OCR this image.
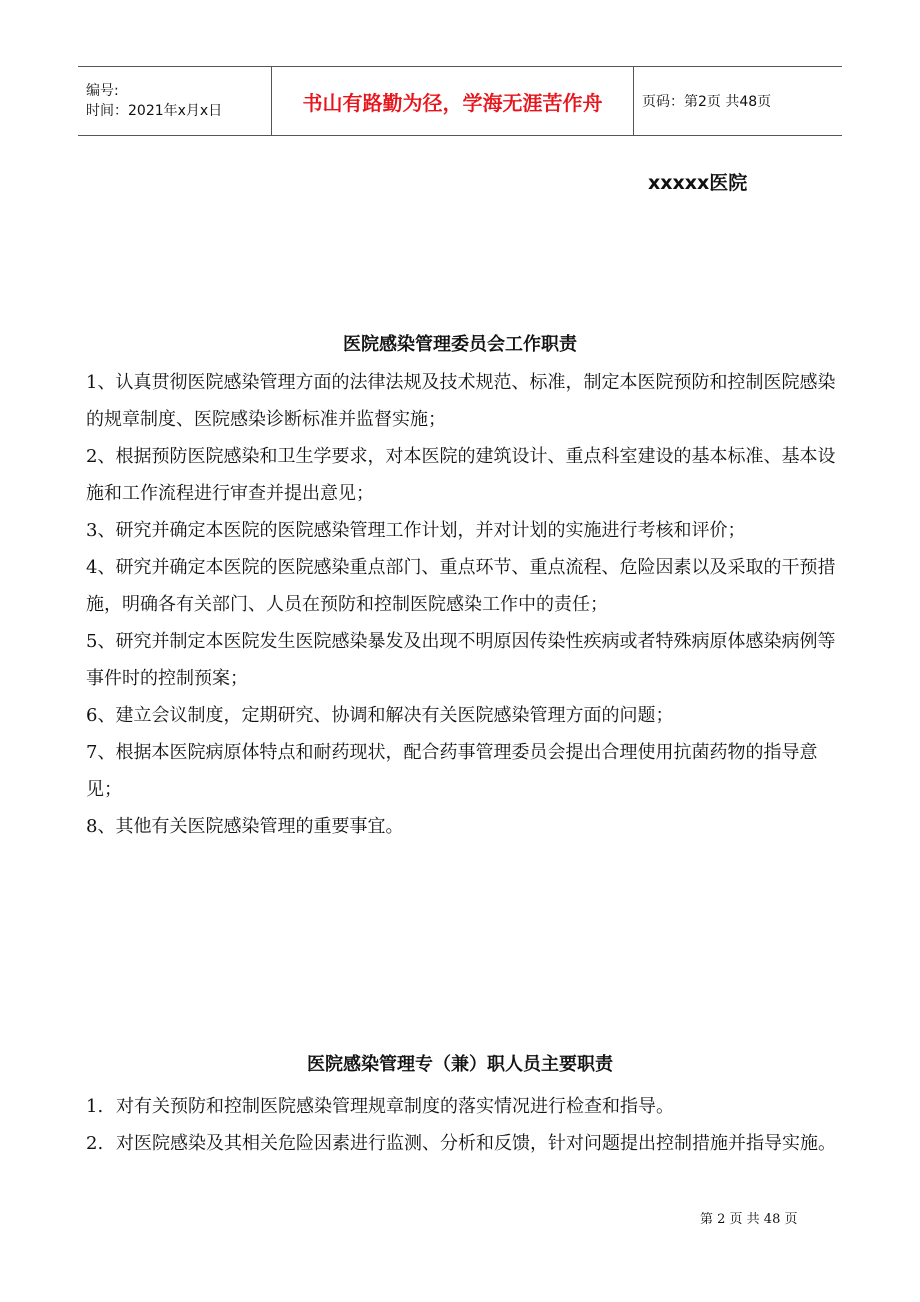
编号:
时间：2021年x月x日	书山有路勤为径，学海无涯苦作舟	页码：第2页 共48页
xxxxx医院
医院感染管理委员会工作职责

1、认真贯彻医院感染管理方面的法律法规及技术规范、标准，制定本医院预防和控制医院感染的规章制度、医院感染诊断标准并监督实施；

2、根据预防医院感染和卫生学要求，对本医院的建筑设计、重点科室建设的基本标准、基本设施和工作流程进行审查并提出意见；

3、研究并确定本医院的医院感染管理工作计划，并对计划的实施进行考核和评价；

4、研究并确定本医院的医院感染重点部门、重点环节、重点流程、危险因素以及采取的干预措施，明确各有关部门、人员在预防和控制医院感染工作中的责任；

5、研究并制定本医院发生医院感染暴发及出现不明原因传染性疾病或者特殊病原体感染病例等事件时的控制预案；

6、建立会议制度，定期研究、协调和解决有关医院感染管理方面的问题；

7、根据本医院病原体特点和耐药现状，配合药事管理委员会提出合理使用抗菌药物的指导意见；

8、其他有关医院感染管理的重要事宜。

医院感染管理专（兼）职人员主要职责
1. 对有关预防和控制医院感染管理规章制度的落实情况进行检查和指导。
2. 对医院感染及其相关危险因素进行监测、分析和反馈，针对问题提出控制措施并指导实施。
第 2 页 共 48 页
